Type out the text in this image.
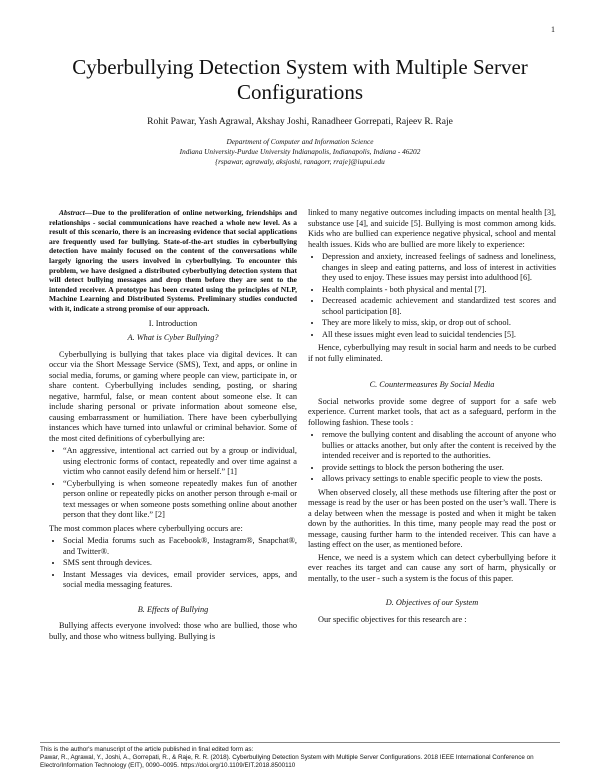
1
Cyberbullying Detection System with Multiple Server Configurations
Rohit Pawar, Yash Agrawal, Akshay Joshi, Ranadheer Gorrepati, Rajeev R. Raje
Department of Computer and Information Science
Indiana University-Purdue University Indianapolis, Indianapolis, Indiana - 46202
{rspawar, agrawaly, aksjoshi, ranagorr, rraje}@iupui.edu

Abstract—Due to the proliferation of online networking, friendships and relationships - social communications have reached a whole new level. As a result of this scenario, there is an increasing evidence that social applications are frequently used for bullying. State-of-the-art studies in cyberbullying detection have mainly focused on the content of the conversations while largely ignoring the users involved in cyberbullying. To encounter this problem, we have designed a distributed cyberbullying detection system that will detect bullying messages and drop them before they are sent to the intended receiver. A prototype has been created using the principles of NLP, Machine Learning and Distributed Systems. Preliminary studies conducted with it, indicate a strong promise of our approach.

I. Introduction
A. What is Cyber Bullying?

Cyberbullying is bullying that takes place via digital devices. It can occur via the Short Message Service (SMS), Text, and apps, or online in social media, forums, or gaming where people can view, participate in, or share content. Cyberbullying includes sending, posting, or sharing negative, harmful, false, or mean content about someone else. It can include sharing personal or private information about someone else, causing embarrassment or humiliation. There have been cyberbullying instances which have turned into unlawful or criminal behavior. Some of the most cited definitions of cyberbullying are:

• “An aggressive, intentional act carried out by a group or individual, using electronic forms of contact, repeatedly and over time against a victim who cannot easily defend him or herself.” [1]
• “Cyberbullying is when someone repeatedly makes fun of another person online or repeatedly picks on another person through e-mail or text messages or when someone posts something online about another person that they dont like.” [2]

The most common places where cyberbullying occurs are:

• Social Media forums such as Facebook®, Instagram®, Snapchat®, and Twitter®.
• SMS sent through devices.
• Instant Messages via devices, email provider services, apps, and social media messaging features.
B. Effects of Bullying

Bullying affects everyone involved: those who are bullied, those who bully, and those who witness bullying. Bullying is

linked to many negative outcomes including impacts on mental health [3], substance use [4], and suicide [5]. Bullying is most common among kids. Kids who are bullied can experience negative physical, school and mental health issues. Kids who are bullied are more likely to experience:

• Depression and anxiety, increased feelings of sadness and loneliness, changes in sleep and eating patterns, and loss of interest in activities they used to enjoy. These issues may persist into adulthood [6].
• Health complaints - both physical and mental [7].
• Decreased academic achievement and standardized test scores and school participation [8].
• They are more likely to miss, skip, or drop out of school.
• All these issues might even lead to suicidal tendencies [5].

Hence, cyberbullying may result in social harm and needs to be curbed if not fully eliminated.

C. Countermeasures By Social Media

Social networks provide some degree of support for a safe web experience. Current market tools, that act as a safeguard, perform in the following fashion. These tools :

• remove the bullying content and disabling the account of anyone who bullies or attacks another, but only after the content is received by the intended receiver and is reported to the authorities.
• provide settings to block the person bothering the user.
• allows privacy settings to enable specific people to view the posts.

When observed closely, all these methods use filtering after the post or message is read by the user or has been posted on the user’s wall. There is a delay between when the message is posted and when it might be taken down by the authorities. In this time, many people may read the post or message, causing further harm to the intended receiver. This can have a lasting effect on the user, as mentioned before.

Hence, we need is a system which can detect cyberbullying before it ever reaches its target and can cause any sort of harm, physically or mentally, to the user - such a system is the focus of this paper.

D. Objectives of our System

Our specific objectives for this research are :

This is the author's manuscript of the article published in final edited form as:
Pawar, R., Agrawal, Y., Joshi, A., Gorrepati, R., & Raje, R. R. (2018). Cyberbullying Detection System with Multiple Server Configurations. 2018 IEEE International Conference on Electro/Information Technology (EIT), 0090–0095. https://doi.org/10.1109/EIT.2018.8500110
